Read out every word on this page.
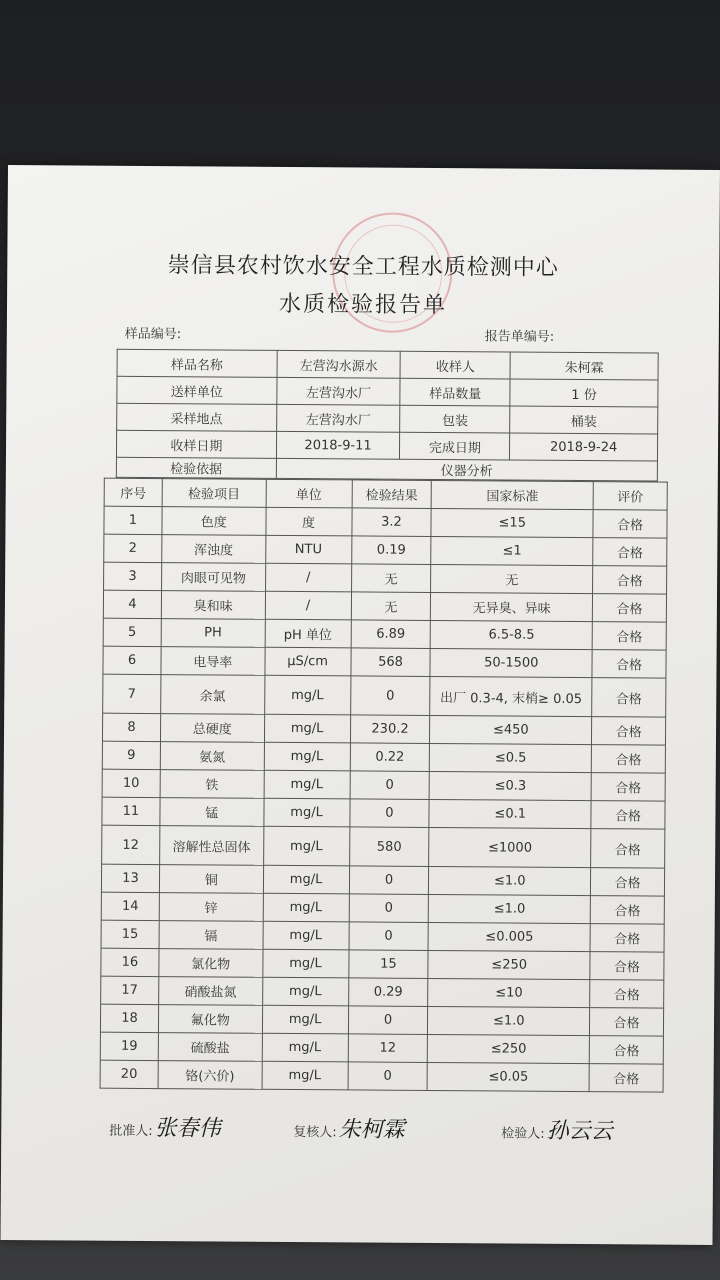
崇信县农村饮水安全工程水质检测中心
水质检验报告单
样品编号:	报告单编号:
样品名称	左营沟水源水	收样人	朱柯霖
送样单位	左营沟水厂	样品数量	1 份
采样地点	左营沟水厂	包装	桶装
收样日期	2018-9-11	完成日期	2018-9-24
检验依据	仪器分析		
序号	检验项目	单位	检验结果	国家标准	评价
1	色度	度	3.2	≤15	合格
2	浑浊度	NTU	0.19	≤1	合格
3	肉眼可见物	/	无	无	合格
4	臭和味	/	无	无异臭、异味	合格
5	PH	pH 单位	6.89	6.5-8.5	合格
6	电导率	μS/cm	568	50-1500	合格
7	余氯	mg/L	0	出厂 0.3-4, 末梢≥ 0.05	合格
8	总硬度	mg/L	230.2	≤450	合格
9	氨氮	mg/L	0.22	≤0.5	合格
10	铁	mg/L	0	≤0.3	合格
11	锰	mg/L	0	≤0.1	合格
12	溶解性总固体	mg/L	580	≤1000	合格
13	铜	mg/L	0	≤1.0	合格
14	锌	mg/L	0	≤1.0	合格
15	镉	mg/L	0	≤0.005	合格
16	氯化物	mg/L	15	≤250	合格
17	硝酸盐氮	mg/L	0.29	≤10	合格
18	氟化物	mg/L	0	≤1.0	合格
19	硫酸盐	mg/L	12	≤250	合格
20	铬(六价)	mg/L	0	≤0.05	合格
批准人:张春伟	复核人:朱柯霖	检验人:孙云云
